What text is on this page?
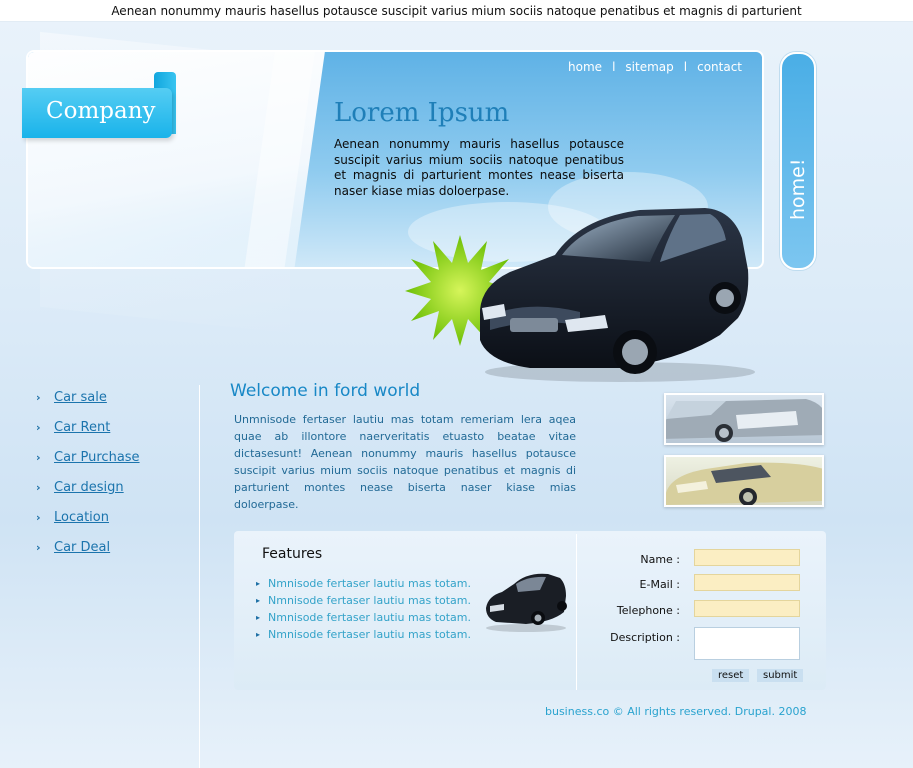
Aenean nonummy mauris hasellus potausce suscipit varius mium sociis natoque penatibus et magnis di parturient
home l sitemap l contact
Lorem Ipsum
Aenean nonummy mauris hasellus potausce suscipit varius mium sociis natoque penatibus et magnis di parturient montes nease biserta naser kiase mias doloerpase.
Company
›	Car sale
›	Car Rent
›	Car Purchase
›	Car design
›	Location
›	Car Deal
Welcome in ford world
Unmnisode fertaser lautiu mas totam remeriam lera aqea quae ab illontore naerveritatis etuasto beatae vitae dictasesunt! Aenean nonummy mauris hasellus potausce suscipit varius mium sociis natoque penatibus et magnis di parturient montes nease biserta naser kiase mias doloerpase.
Features
▸ Nmnisode fertaser lautiu mas totam.
▸ Nmnisode fertaser lautiu mas totam.
▸ Nmnisode fertaser lautiu mas totam.
▸ Nmnisode fertaser lautiu mas totam.
Name :
E-Mail :
Telephone :
Description :
reset	submit
business.co © All rights reserved. Drupal. 2008
